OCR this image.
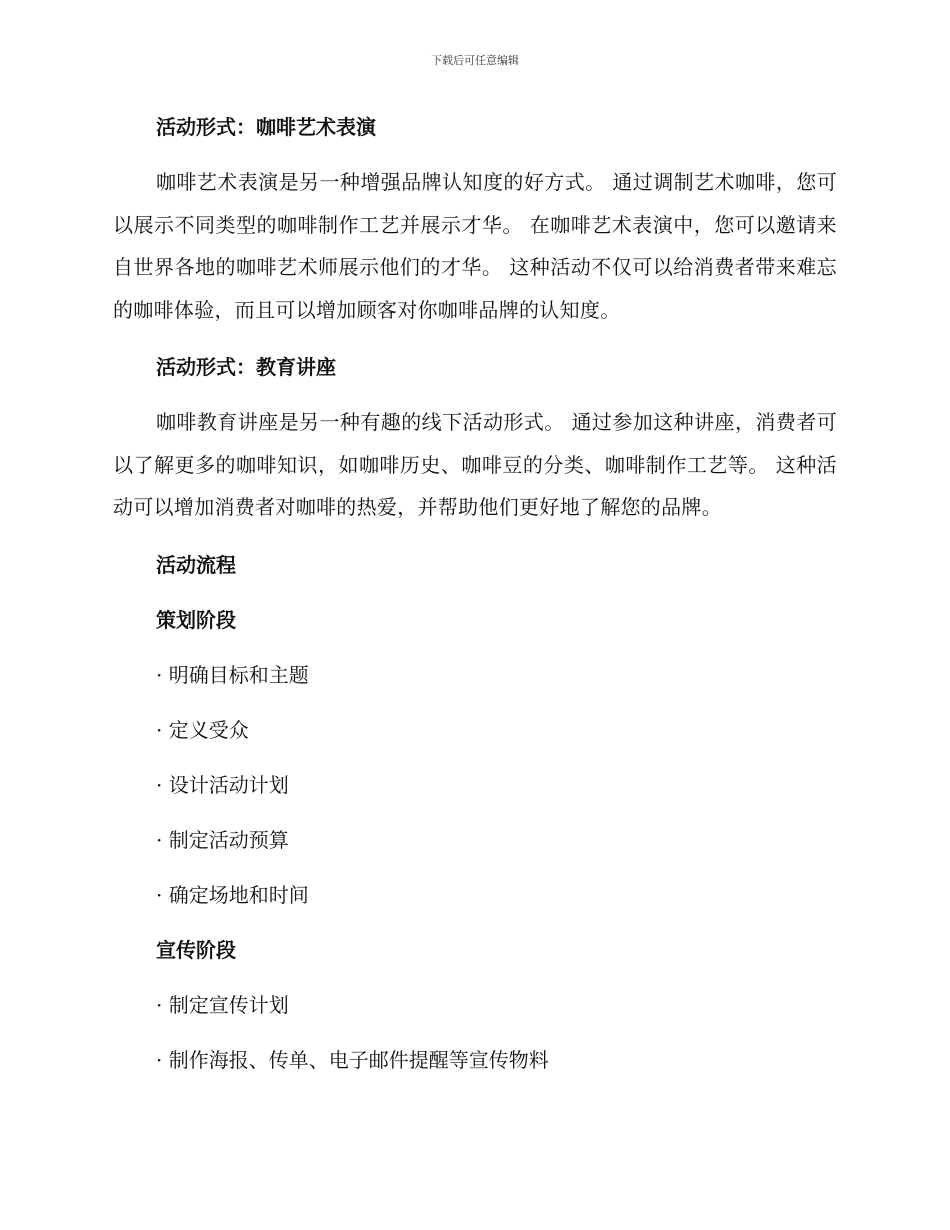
下载后可任意编辑
活动形式：咖啡艺术表演

咖啡艺术表演是另一种增强品牌认知度的好方式。 通过调制艺术咖啡，您可以展示不同类型的咖啡制作工艺并展示才华。 在咖啡艺术表演中，您可以邀请来自世界各地的咖啡艺术师展示他们的才华。 这种活动不仅可以给消费者带来难忘的咖啡体验，而且可以增加顾客对你咖啡品牌的认知度。

活动形式：教育讲座

咖啡教育讲座是另一种有趣的线下活动形式。 通过参加这种讲座，消费者可以了解更多的咖啡知识，如咖啡历史、咖啡豆的分类、咖啡制作工艺等。 这种活动可以增加消费者对咖啡的热爱，并帮助他们更好地了解您的品牌。

活动流程
策划阶段

· 明确目标和主题

· 定义受众

· 设计活动计划

· 制定活动预算

· 确定场地和时间

宣传阶段

· 制定宣传计划

· 制作海报、传单、电子邮件提醒等宣传物料
